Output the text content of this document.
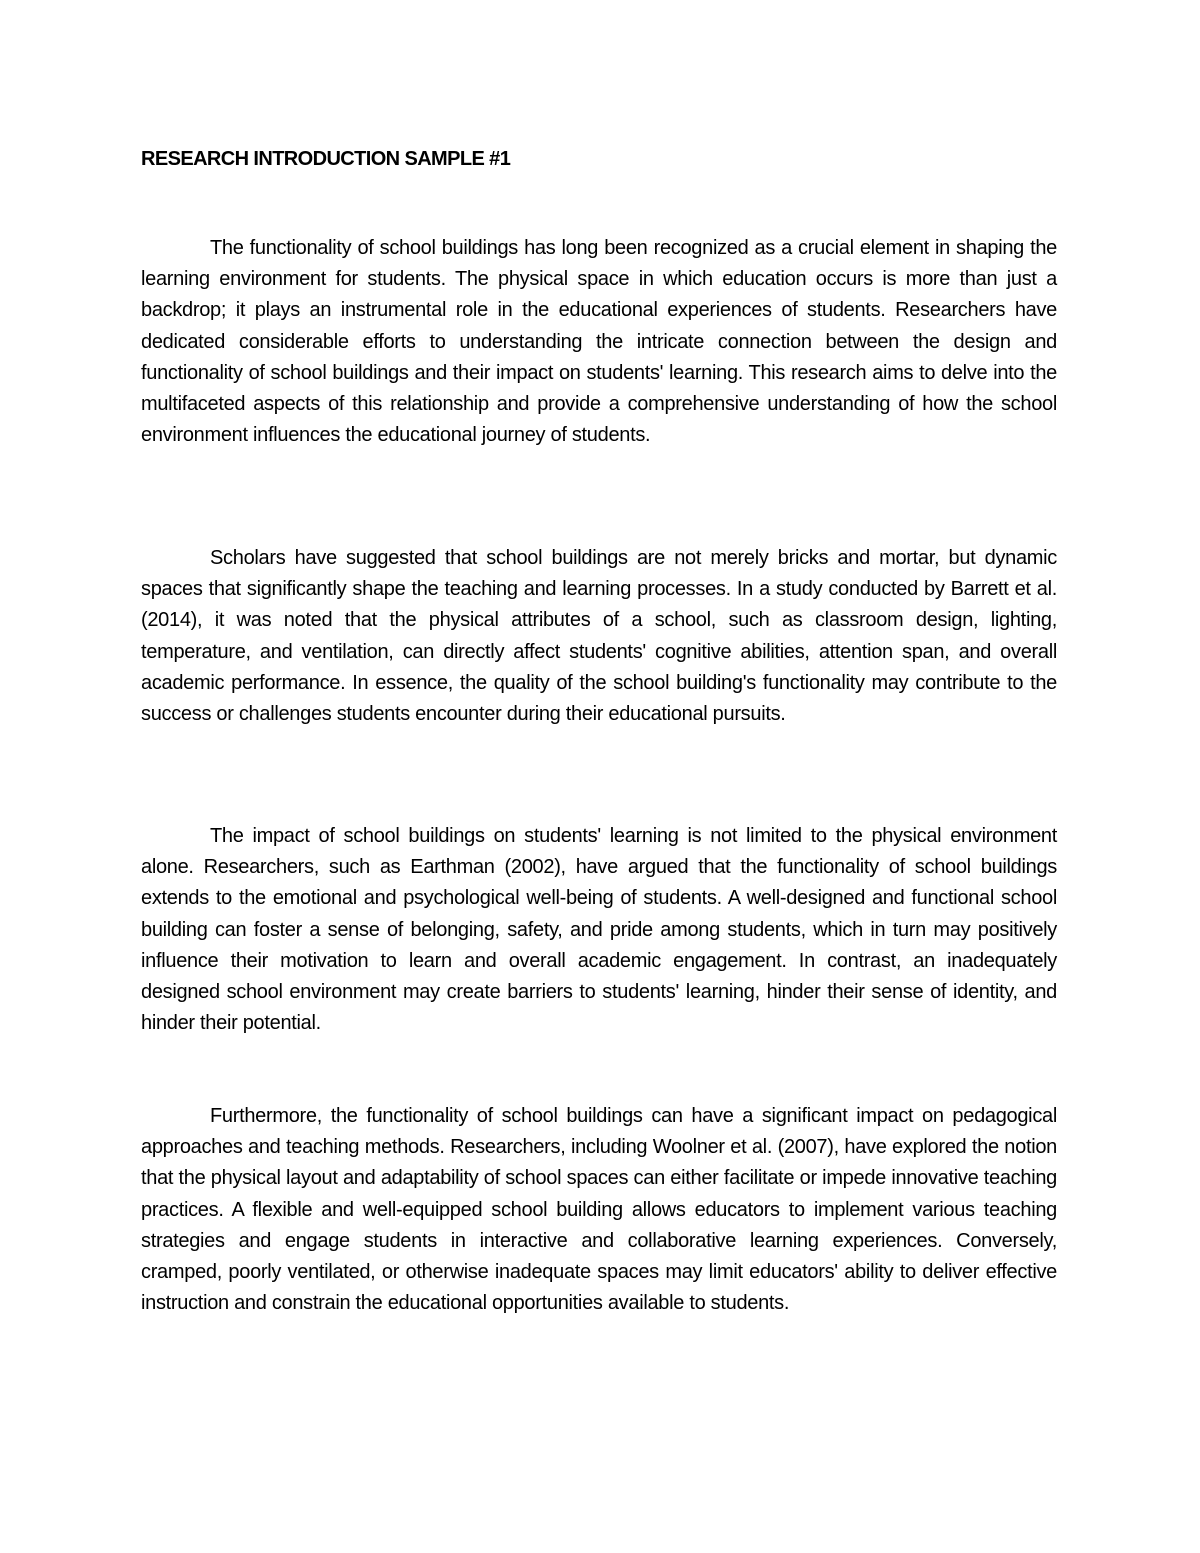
RESEARCH INTRODUCTION SAMPLE #1

The functionality of school buildings has long been recognized as a crucial element in shaping the learning environment for students. The physical space in which education occurs is more than just a backdrop; it plays an instrumental role in the educational experiences of students. Researchers have dedicated considerable efforts to understanding the intricate connection between the design and functionality of school buildings and their impact on students' learning. This research aims to delve into the multifaceted aspects of this relationship and provide a comprehensive understanding of how the school environment influences the educational journey of students.

Scholars have suggested that school buildings are not merely bricks and mortar, but dynamic spaces that significantly shape the teaching and learning processes. In a study conducted by Barrett et al. (2014), it was noted that the physical attributes of a school, such as classroom design, lighting, temperature, and ventilation, can directly affect students' cognitive abilities, attention span, and overall academic performance. In essence, the quality of the school building's functionality may contribute to the success or challenges students encounter during their educational pursuits.

The impact of school buildings on students' learning is not limited to the physical environment alone. Researchers, such as Earthman (2002), have argued that the functionality of school buildings extends to the emotional and psychological well-being of students. A well-designed and functional school building can foster a sense of belonging, safety, and pride among students, which in turn may positively influence their motivation to learn and overall academic engagement. In contrast, an inadequately designed school environment may create barriers to students' learning, hinder their sense of identity, and hinder their potential.

Furthermore, the functionality of school buildings can have a significant impact on pedagogical approaches and teaching methods. Researchers, including Woolner et al. (2007), have explored the notion that the physical layout and adaptability of school spaces can either facilitate or impede innovative teaching practices. A flexible and well-equipped school building allows educators to implement various teaching strategies and engage students in interactive and collaborative learning experiences. Conversely, cramped, poorly ventilated, or otherwise inadequate spaces may limit educators' ability to deliver effective instruction and constrain the educational opportunities available to students.
